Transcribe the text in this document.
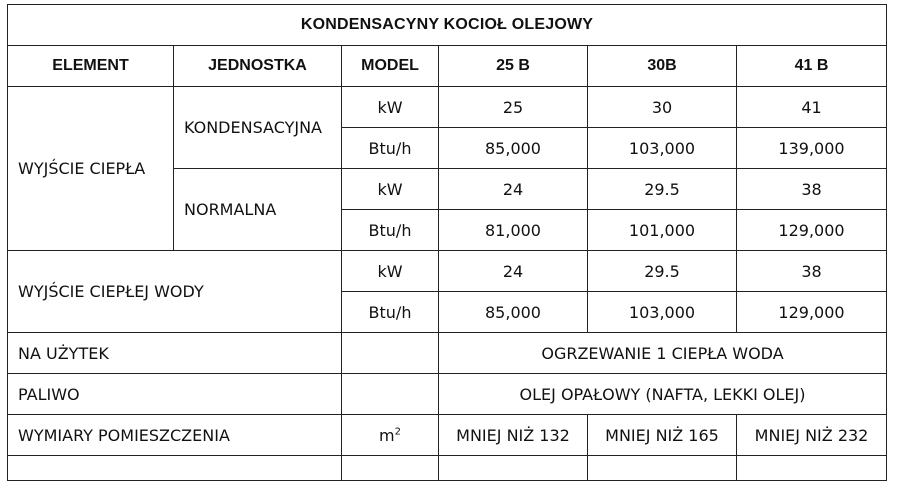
KONDENSACYNY KOCIOŁ OLEJOWY					
ELEMENT	JEDNOSTKA	MODEL	25 B	30B	41 B
WYJŚCIE CIEPŁA	KONDENSACYJNA	kW	25	30	41
		Btu/h	85,000	103,000	139,000
	NORMALNA	kW	24	29.5	38
		Btu/h	81,000	101,000	129,000
WYJŚCIE CIEPŁEJ WODY		kW	24	29.5	38
		Btu/h	85,000	103,000	129,000
NA UŻYTEK			OGRZEWANIE 1 CIEPŁA WODA		
PALIWO			OLEJ OPAŁOWY (NAFTA, LEKKI OLEJ)		
WYMIARY POMIESZCZENIA		$m^2$	MNIEJ NIŻ 132	MNIEJ NIŻ 165	MNIEJ NIŻ 232
